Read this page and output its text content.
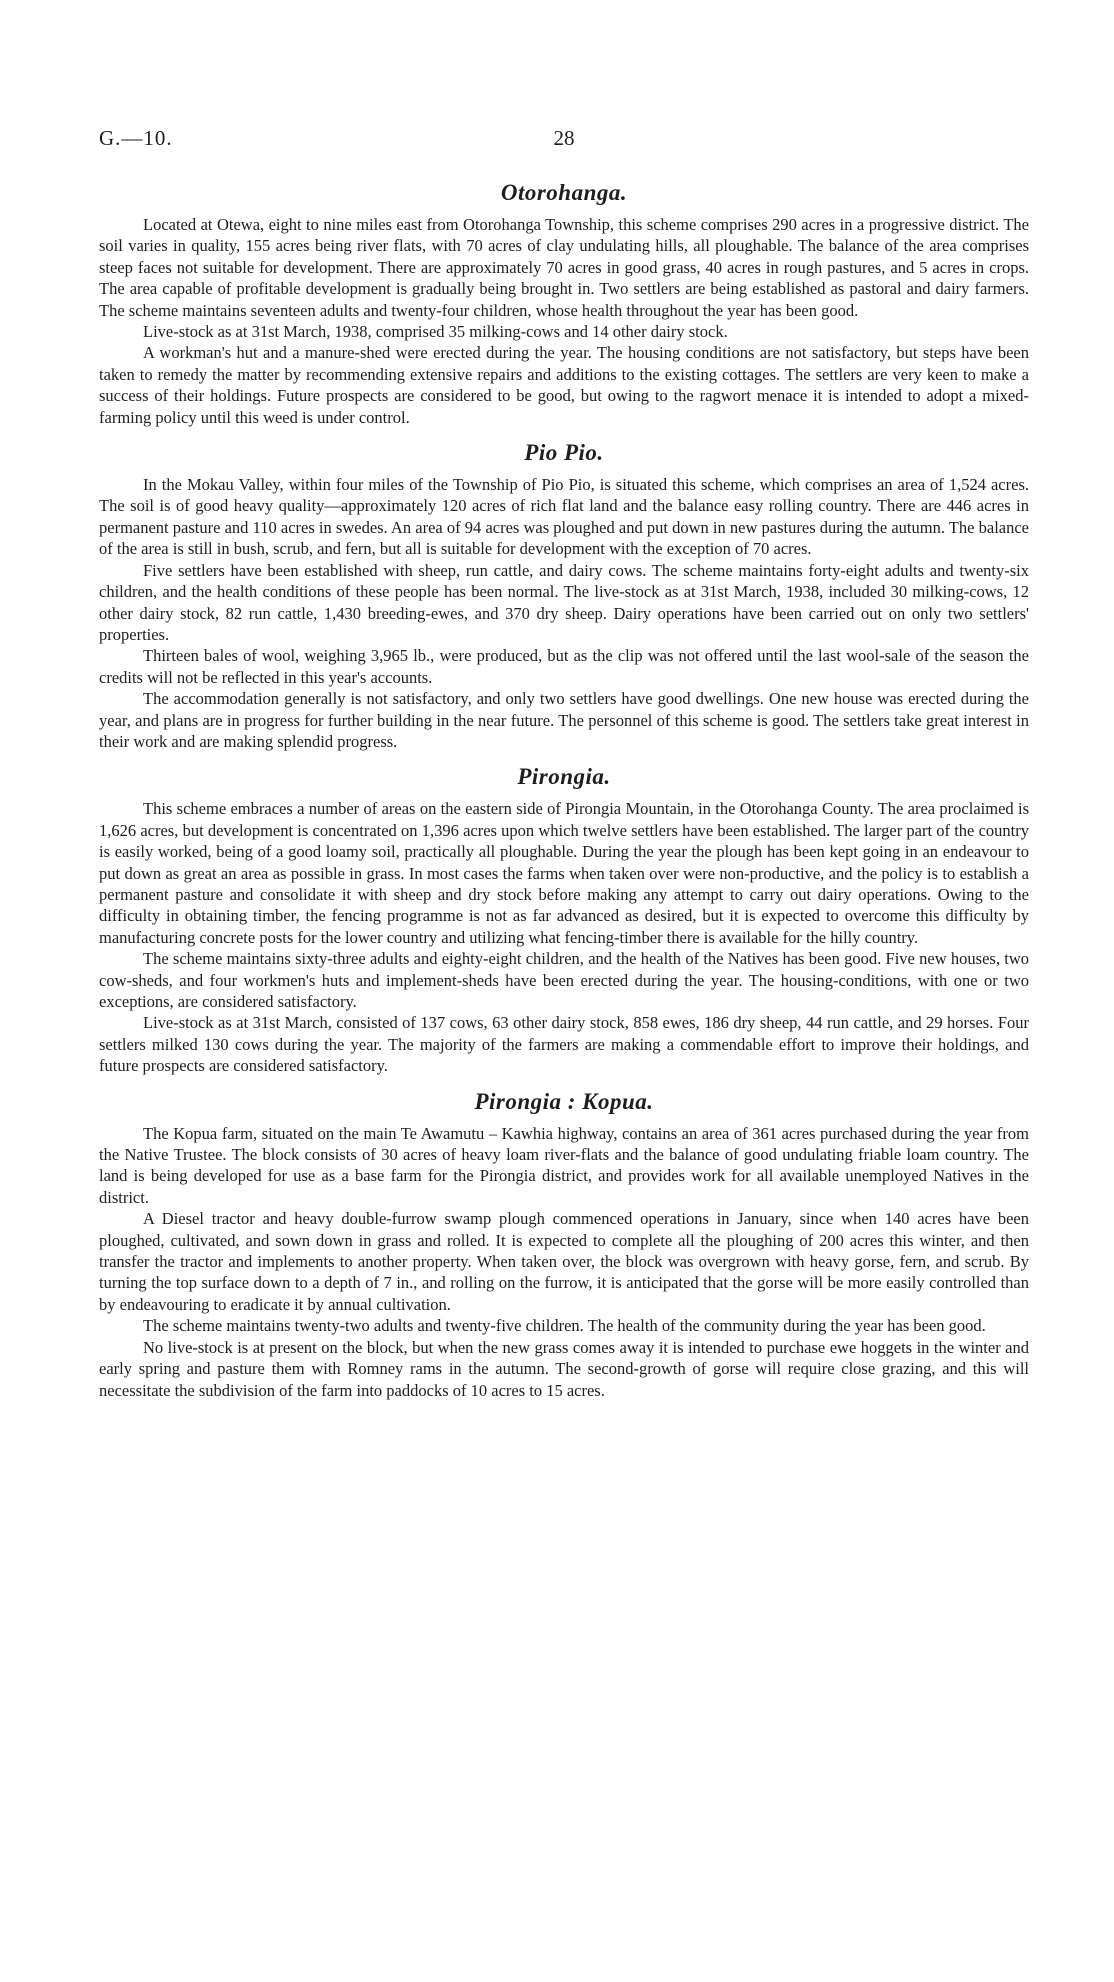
G.—10.	28
Otorohanga.

Located at Otewa, eight to nine miles east from Otorohanga Township, this scheme comprises 290 acres in a progressive district. The soil varies in quality, 155 acres being river flats, with 70 acres of clay undulating hills, all ploughable. The balance of the area comprises steep faces not suitable for development. There are approximately 70 acres in good grass, 40 acres in rough pastures, and 5 acres in crops. The area capable of profitable development is gradually being brought in. Two settlers are being established as pastoral and dairy farmers. The scheme maintains seventeen adults and twenty-four children, whose health throughout the year has been good.

Live-stock as at 31st March, 1938, comprised 35 milking-cows and 14 other dairy stock.

A workman's hut and a manure-shed were erected during the year. The housing conditions are not satisfactory, but steps have been taken to remedy the matter by recommending extensive repairs and additions to the existing cottages. The settlers are very keen to make a success of their holdings. Future prospects are considered to be good, but owing to the ragwort menace it is intended to adopt a mixed-farming policy until this weed is under control.

Pio Pio.

In the Mokau Valley, within four miles of the Township of Pio Pio, is situated this scheme, which comprises an area of 1,524 acres. The soil is of good heavy quality—approximately 120 acres of rich flat land and the balance easy rolling country. There are 446 acres in permanent pasture and 110 acres in swedes. An area of 94 acres was ploughed and put down in new pastures during the autumn. The balance of the area is still in bush, scrub, and fern, but all is suitable for development with the exception of 70 acres.

Five settlers have been established with sheep, run cattle, and dairy cows. The scheme maintains forty-eight adults and twenty-six children, and the health conditions of these people has been normal. The live-stock as at 31st March, 1938, included 30 milking-cows, 12 other dairy stock, 82 run cattle, 1,430 breeding-ewes, and 370 dry sheep. Dairy operations have been carried out on only two settlers' properties.

Thirteen bales of wool, weighing 3,965 lb., were produced, but as the clip was not offered until the last wool-sale of the season the credits will not be reflected in this year's accounts.

The accommodation generally is not satisfactory, and only two settlers have good dwellings. One new house was erected during the year, and plans are in progress for further building in the near future. The personnel of this scheme is good. The settlers take great interest in their work and are making splendid progress.

Pirongia.

This scheme embraces a number of areas on the eastern side of Pirongia Mountain, in the Otorohanga County. The area proclaimed is 1,626 acres, but development is concentrated on 1,396 acres upon which twelve settlers have been established. The larger part of the country is easily worked, being of a good loamy soil, practically all ploughable. During the year the plough has been kept going in an endeavour to put down as great an area as possible in grass. In most cases the farms when taken over were non-productive, and the policy is to establish a permanent pasture and consolidate it with sheep and dry stock before making any attempt to carry out dairy operations. Owing to the difficulty in obtaining timber, the fencing programme is not as far advanced as desired, but it is expected to overcome this difficulty by manufacturing concrete posts for the lower country and utilizing what fencing-timber there is available for the hilly country.

The scheme maintains sixty-three adults and eighty-eight children, and the health of the Natives has been good. Five new houses, two cow-sheds, and four workmen's huts and implement-sheds have been erected during the year. The housing-conditions, with one or two exceptions, are considered satisfactory.

Live-stock as at 31st March, consisted of 137 cows, 63 other dairy stock, 858 ewes, 186 dry sheep, 44 run cattle, and 29 horses. Four settlers milked 130 cows during the year. The majority of the farmers are making a commendable effort to improve their holdings, and future prospects are considered satisfactory.

Pirongia : Kopua.

The Kopua farm, situated on the main Te Awamutu – Kawhia highway, contains an area of 361 acres purchased during the year from the Native Trustee. The block consists of 30 acres of heavy loam river-flats and the balance of good undulating friable loam country. The land is being developed for use as a base farm for the Pirongia district, and provides work for all available unemployed Natives in the district.

A Diesel tractor and heavy double-furrow swamp plough commenced operations in January, since when 140 acres have been ploughed, cultivated, and sown down in grass and rolled. It is expected to complete all the ploughing of 200 acres this winter, and then transfer the tractor and implements to another property. When taken over, the block was overgrown with heavy gorse, fern, and scrub. By turning the top surface down to a depth of 7 in., and rolling on the furrow, it is anticipated that the gorse will be more easily controlled than by endeavouring to eradicate it by annual cultivation.

The scheme maintains twenty-two adults and twenty-five children. The health of the community during the year has been good.

No live-stock is at present on the block, but when the new grass comes away it is intended to purchase ewe hoggets in the winter and early spring and pasture them with Romney rams in the autumn. The second-growth of gorse will require close grazing, and this will necessitate the subdivision of the farm into paddocks of 10 acres to 15 acres.
